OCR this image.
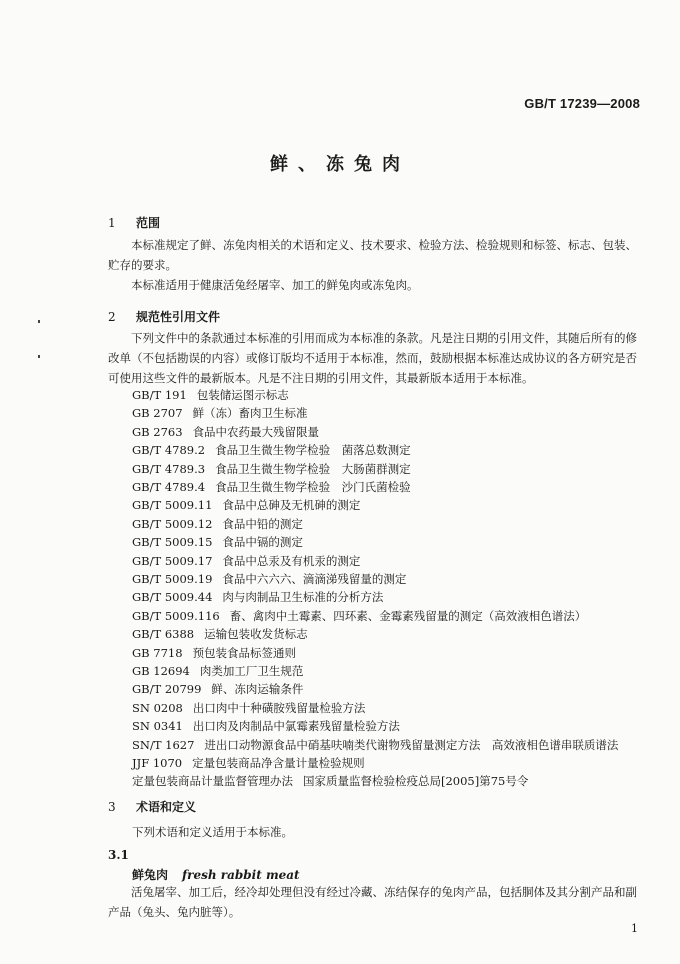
GB/T 17239—2008
鲜、冻兔肉
1 范围
本标准规定了鲜、冻兔肉相关的术语和定义、技术要求、检验方法、检验规则和标签、标志、包装、贮存的要求。
本标准适用于健康活兔经屠宰、加工的鲜兔肉或冻兔肉。
2 规范性引用文件
下列文件中的条款通过本标准的引用而成为本标准的条款。凡是注日期的引用文件，其随后所有的修改单（不包括勘误的内容）或修订版均不适用于本标准，然而，鼓励根据本标准达成协议的各方研究是否可使用这些文件的最新版本。凡是不注日期的引用文件，其最新版本适用于本标准。
GB/T 191 包装储运图示标志
GB 2707 鲜（冻）畜肉卫生标准
GB 2763 食品中农药最大残留限量
GB/T 4789.2 食品卫生微生物学检验　菌落总数测定
GB/T 4789.3 食品卫生微生物学检验　大肠菌群测定
GB/T 4789.4 食品卫生微生物学检验　沙门氏菌检验
GB/T 5009.11 食品中总砷及无机砷的测定
GB/T 5009.12 食品中铅的测定
GB/T 5009.15 食品中镉的测定
GB/T 5009.17 食品中总汞及有机汞的测定
GB/T 5009.19 食品中六六六、滴滴涕残留量的测定
GB/T 5009.44 肉与肉制品卫生标准的分析方法
GB/T 5009.116 畜、禽肉中土霉素、四环素、金霉素残留量的测定（高效液相色谱法）
GB/T 6388 运输包装收发货标志
GB 7718 预包装食品标签通则
GB 12694 肉类加工厂卫生规范
GB/T 20799 鲜、冻肉运输条件
SN 0208 出口肉中十种磺胺残留量检验方法
SN 0341 出口肉及肉制品中氯霉素残留量检验方法
SN/T 1627 进出口动物源食品中硝基呋喃类代谢物残留量测定方法　高效液相色谱串联质谱法
JJF 1070 定量包装商品净含量计量检验规则
定量包装商品计量监督管理办法 国家质量监督检验检疫总局[2005]第75号令
3 术语和定义
下列术语和定义适用于本标准。
3.1
鲜兔肉 fresh rabbit meat
活兔屠宰、加工后，经冷却处理但没有经过冷藏、冻结保存的兔肉产品，包括胴体及其分割产品和副产品（兔头、兔内脏等）。
1
